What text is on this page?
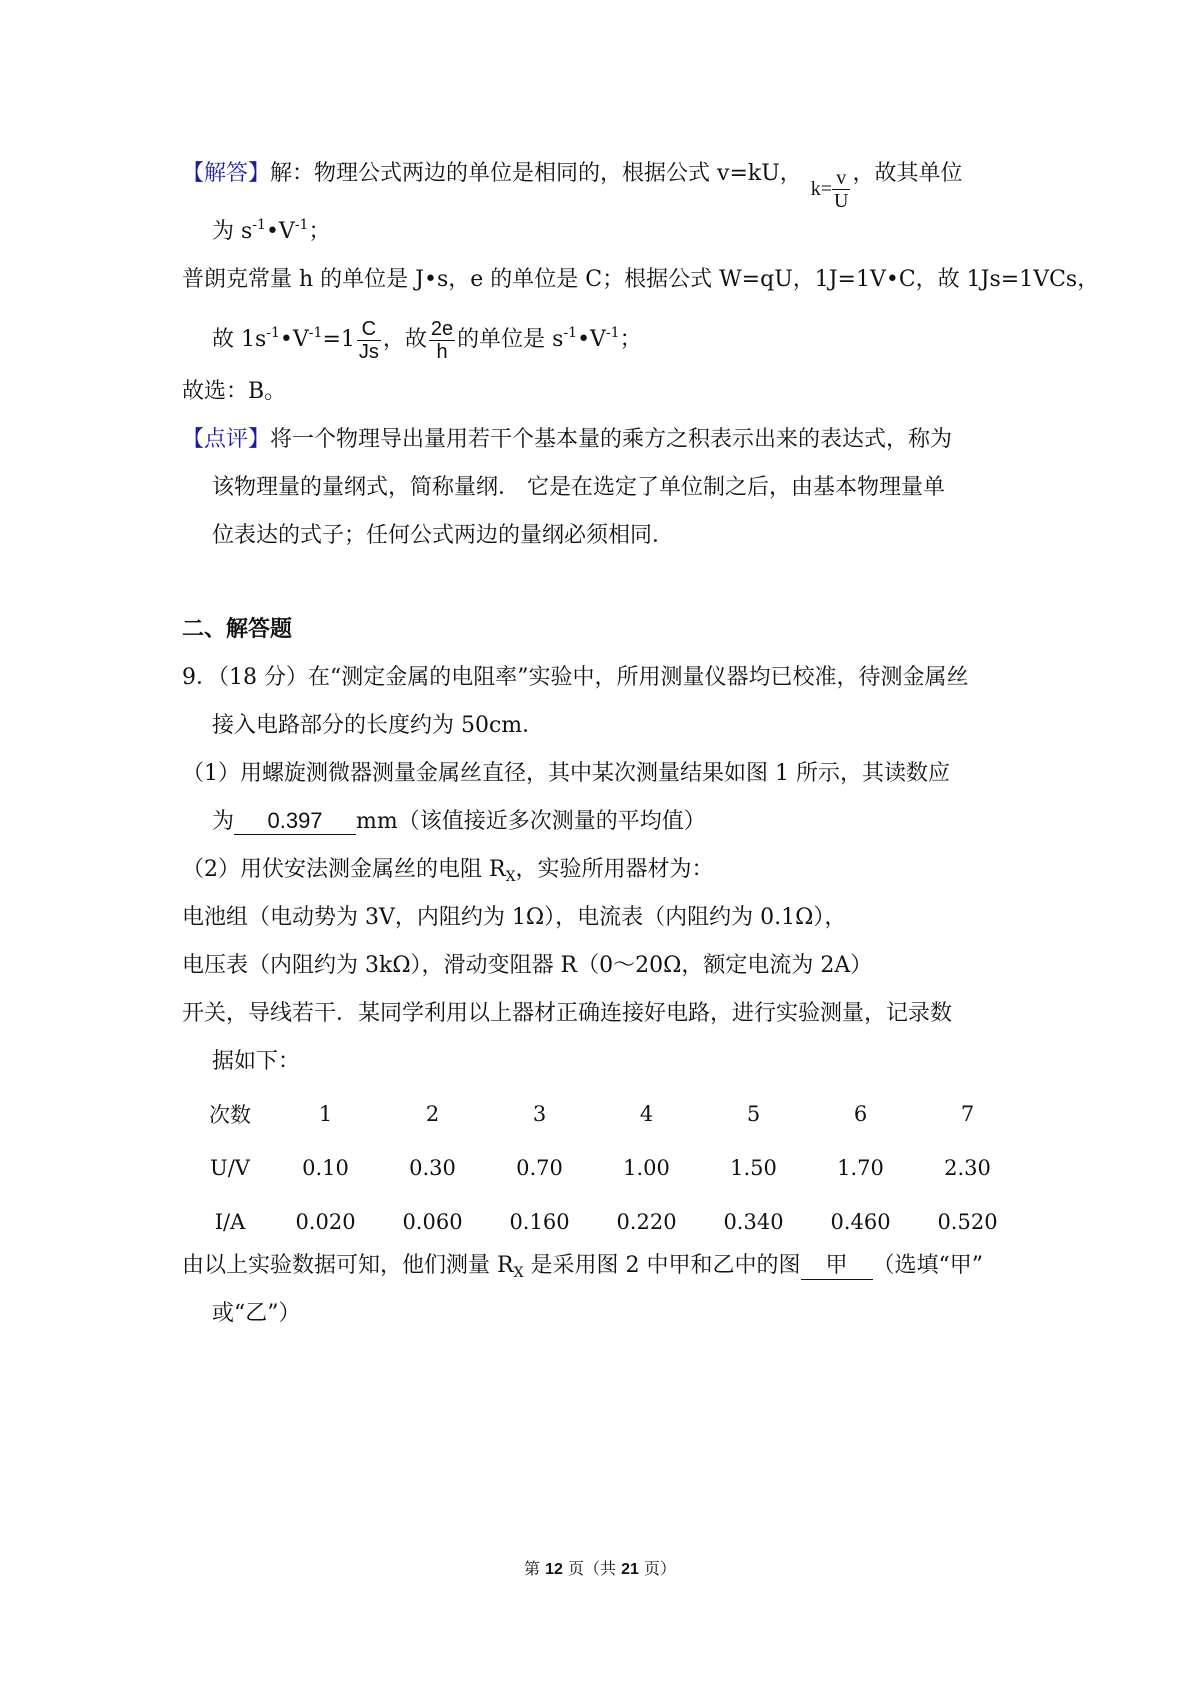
【解答】解：物理公式两边的单位是相同的，根据公式 v=kU， $k= \frac{v}{U}$ ，故其单位
为 $s^{-1}•V^{-1}$；
普朗克常量 h 的单位是 J•s，e 的单位是 C；根据公式 W=qU，1J=1V•C，故 1Js=1VCs，
故 $1s^{-1}•V^{-1}=1 \frac{C}{Js}$ ，故 $\frac{2e}{h}$ 的单位是 $s^{-1}•V^{-1}$；
故选：B。
【点评】将一个物理导出量用若干个基本量的乘方之积表示出来的表达式，称为
该物理量的量纲式，简称量纲． 它是在选定了单位制之后，由基本物理量单
位表达的式子；任何公式两边的量纲必须相同．
二、解答题
9．（18 分）在“测定金属的电阻率”实验中，所用测量仪器均已校准，待测金属丝
接入电路部分的长度约为 50cm．
（1）用螺旋测微器测量金属丝直径，其中某次测量结果如图 1 所示，其读数应
为 0.397 mm（该值接近多次测量的平均值）
（2）用伏安法测金属丝的电阻 $R_X$，实验所用器材为：
电池组（电动势为 3V，内阻约为 1Ω），电流表（内阻约为 0.1Ω），
电压表（内阻约为 3kΩ），滑动变阻器 R（0～20Ω，额定电流为 2A）
开关，导线若干．某同学利用以上器材正确连接好电路，进行实验测量，记录数
据如下：
次数	1	2	3	4	5	6	7
U/V	0.10	0.30	0.70	1.00	1.50	1.70	2.30
I/A	0.020	0.060	0.160	0.220	0.340	0.460	0.520
由以上实验数据可知，他们测量 $R_X$ 是采用图 2 中甲和乙中的图 甲 （选填“甲”
或“乙”）
第 12 页（共 21 页）
